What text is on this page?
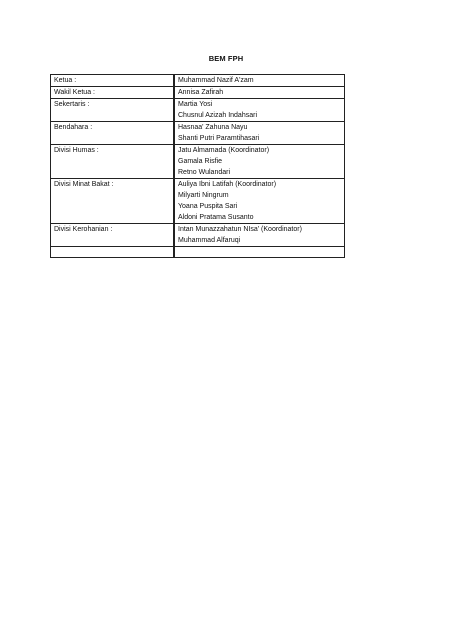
BEM FPH
Ketua :	Muhammad Nazif A'zam

Wakil Ketua :	Annisa Zafirah

Sekertaris :	Martia Yosi
Chusnul Azizah Indahsari

Bendahara :	Hasnaa' Zahuna Nayu
Shanti Putri Paramtihasari

Divisi Humas :	Jatu Almamada (Koordinator)
Gamala Risfie
Retno Wulandari

Divisi Minat Bakat :	Auliya Ibni Latifah (Koordinator)
Milyarti Ningrum
Yoana Puspita Sari
Aldoni Pratama Susanto

Divisi Kerohanian :	Intan Munazzahatun NIsa' (Koordinator)
Muhammad Alfaruqi
